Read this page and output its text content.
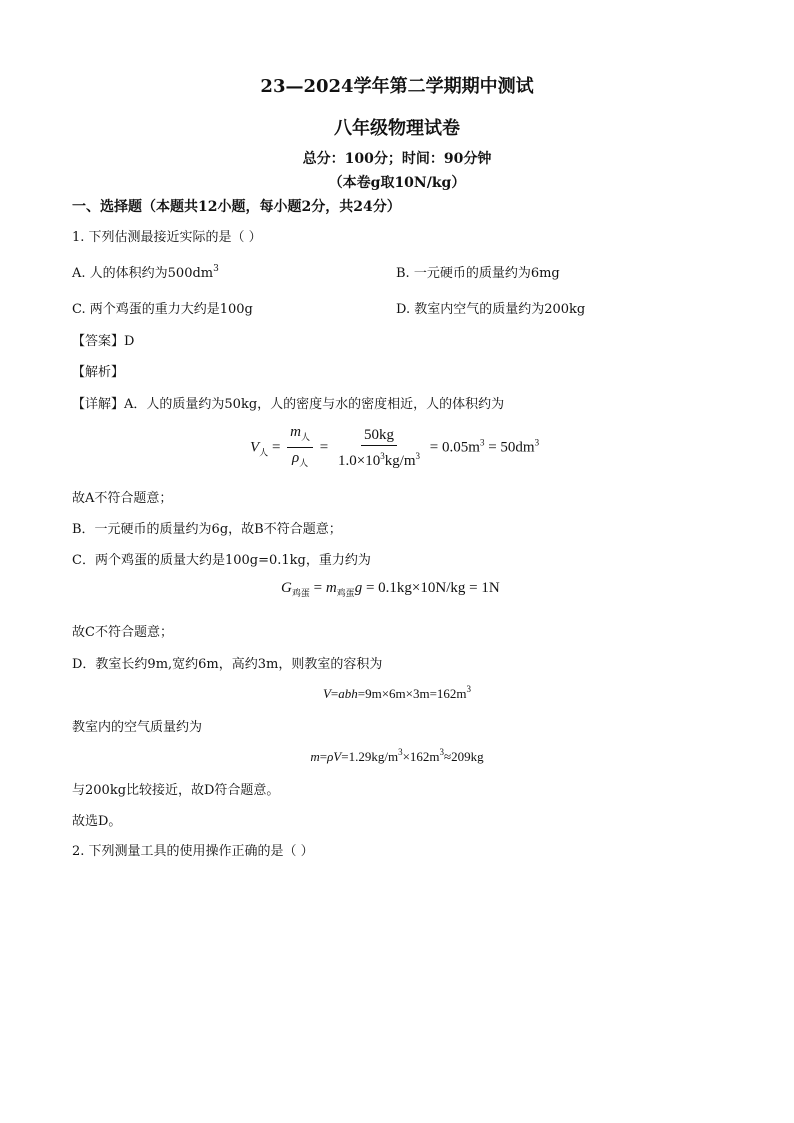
23—2024学年第二学期期中测试
八年级物理试卷
总分：100分；时间：90分钟
（本卷g取10N/kg）
一、选择题（本题共12小题，每小题2分，共24分）
1. 下列估测最接近实际的是（ ）
A. 人的体积约为$500dm^3$	B. 一元硬币的质量约为6mg
C. 两个鸡蛋的重力大约是100g	D. 教室内空气的质量约为200kg
【答案】D
【解析】
【详解】A．人的质量约为50kg，人的密度与水的密度相近，人的体积约为
$V_人 = \frac{m_人}{\rho_人} = \frac{50kg}{1.0\times 10^3kg/m^3} = 0.05m^3 = 50dm^3$
故A不符合题意；
B．一元硬币的质量约为6g，故B不符合题意；
C．两个鸡蛋的质量大约是100g=0.1kg，重力约为
$G_{鸡蛋} = m_{鸡蛋}g = 0.1kg\times 10N/kg = 1N$
故C不符合题意；
D．教室长约9m,宽约6m，高约3m，则教室的容积为
$V=abh=9m\times 6m\times 3m=162m^3$
教室内的空气质量约为
$m=\rho V=1.29kg/m^3\times 162m^3\approx 209kg$
与200kg比较接近，故D符合题意。
故选D。
2. 下列测量工具的使用操作正确的是（ ）
